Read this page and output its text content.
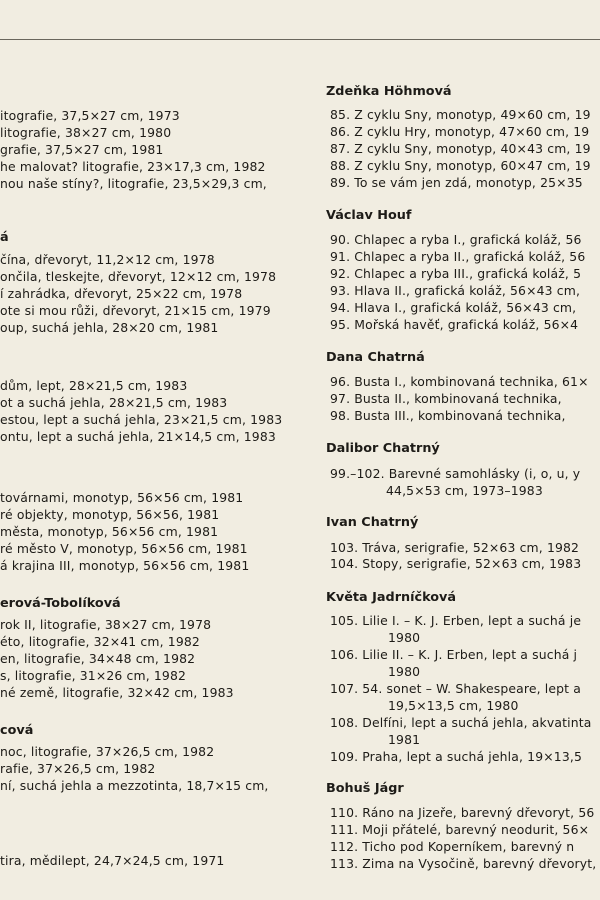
itografie, 37,5×27 cm, 1973
litografie, 38×27 cm, 1980
grafie, 37,5×27 cm, 1981
he malovat? litografie, 23×17,3 cm, 1982
nou naše stíny?, litografie, 23,5×29,3 cm,
á
čína, dřevoryt, 11,2×12 cm, 1978
ončila, tleskejte, dřevoryt, 12×12 cm, 1978
í zahrádka, dřevoryt, 25×22 cm, 1978
ote si mou růži, dřevoryt, 21×15 cm, 1979
oup, suchá jehla, 28×20 cm, 1981
dům, lept, 28×21,5 cm, 1983
ot a suchá jehla, 28×21,5 cm, 1983
estou, lept a suchá jehla, 23×21,5 cm, 1983
ontu, lept a suchá jehla, 21×14,5 cm, 1983
továrnami, monotyp, 56×56 cm, 1981
ré objekty, monotyp, 56×56, 1981
města, monotyp, 56×56 cm, 1981
ré město V, monotyp, 56×56 cm, 1981
á krajina III, monotyp, 56×56 cm, 1981
erová-Tobolíková
rok II, litografie, 38×27 cm, 1978
éto, litografie, 32×41 cm, 1982
en, litografie, 34×48 cm, 1982
s, litografie, 31×26 cm, 1982
né země, litografie, 32×42 cm, 1983
cová
noc, litografie, 37×26,5 cm, 1982
rafie, 37×26,5 cm, 1982
ní, suchá jehla a mezzotinta, 18,7×15 cm,
tira, mědilept, 24,7×24,5 cm, 1971
Zdeňka Höhmová
85. Z cyklu Sny, monotyp, 49×60 cm, 19
86. Z cyklu Hry, monotyp, 47×60 cm, 19
87. Z cyklu Sny, monotyp, 40×43 cm, 19
88. Z cyklu Sny, monotyp, 60×47 cm, 19
89. To se vám jen zdá, monotyp, 25×35
Václav Houf
90. Chlapec a ryba I., grafická koláž, 56
91. Chlapec a ryba II., grafická koláž, 56
92. Chlapec a ryba III., grafická koláž, 5
93. Hlava II., grafická koláž, 56×43 cm,
94. Hlava I., grafická koláž, 56×43 cm,
95. Mořská havěť, grafická koláž, 56×4
Dana Chatrná
96. Busta I., kombinovaná technika, 61×
97. Busta II., kombinovaná technika,
98. Busta III., kombinovaná technika,
Dalibor Chatrný
99.–102. Barevné samohlásky (i, o, u, y
44,5×53 cm, 1973–1983
Ivan Chatrný
103. Tráva, serigrafie, 52×63 cm, 1982
104. Stopy, serigrafie, 52×63 cm, 1983
Květa Jadrníčková
105. Lilie I. – K. J. Erben, lept a suchá je
1980
106. Lilie II. – K. J. Erben, lept a suchá j
1980
107. 54. sonet – W. Shakespeare, lept a
19,5×13,5 cm, 1980
108. Delfíni, lept a suchá jehla, akvatinta
1981
109. Praha, lept a suchá jehla, 19×13,5
Bohuš Jágr
110. Ráno na Jizeře, barevný dřevoryt, 56
111. Moji přátelé, barevný neodurit, 56×
112. Ticho pod Koperníkem, barevný n
113. Zima na Vysočině, barevný dřevoryt,
